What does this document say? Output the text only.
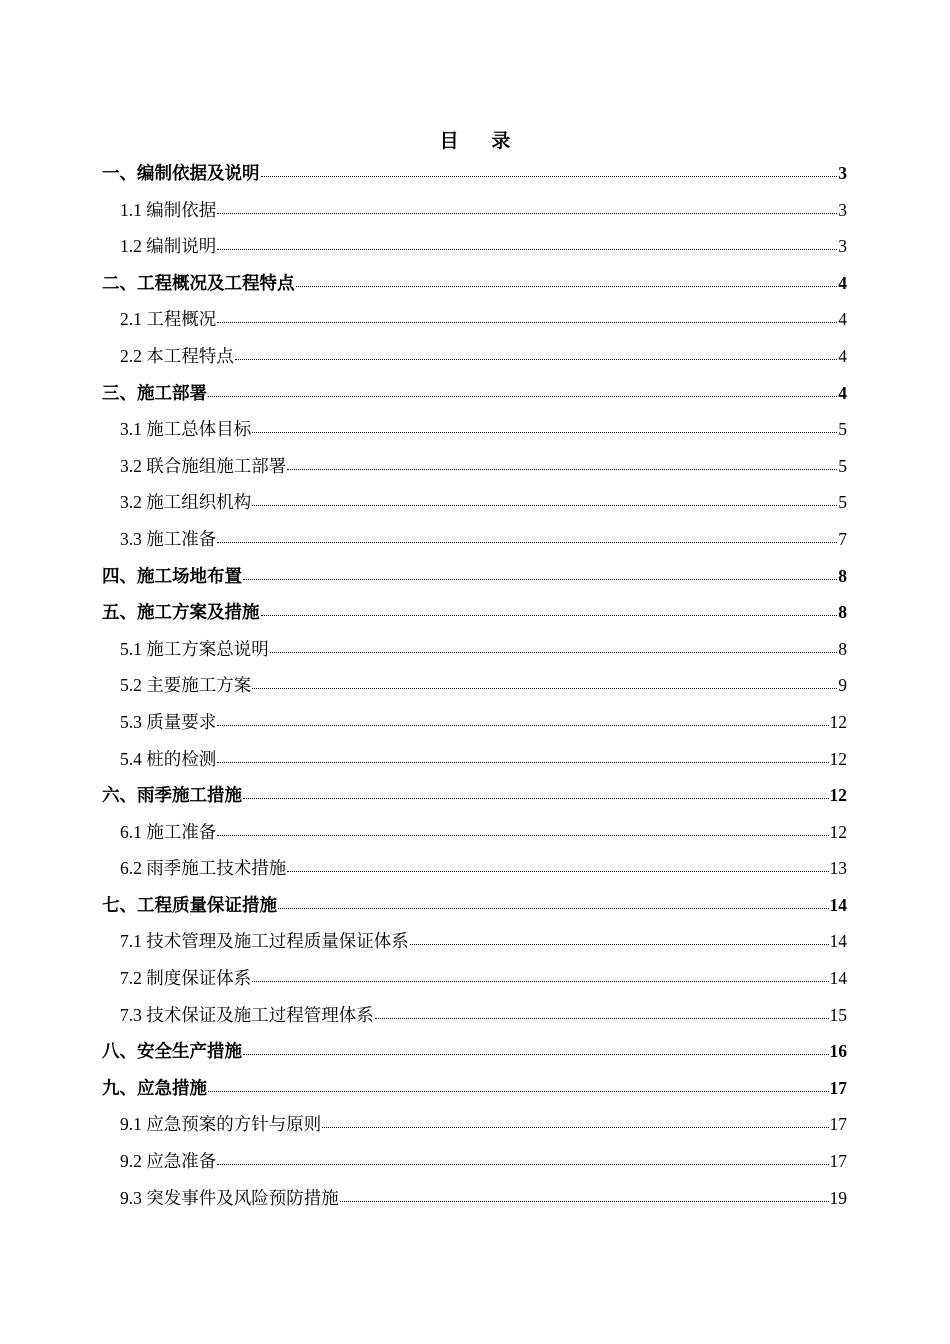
目 录
一、编制依据及说明	3
1.1 编制依据	3
1.2 编制说明	3
二、工程概况及工程特点	4
2.1 工程概况	4
2.2 本工程特点	4
三、施工部署	4
3.1 施工总体目标	5
3.2 联合施组施工部署	5
3.2 施工组织机构	5
3.3 施工准备	7
四、施工场地布置	8
五、施工方案及措施	8
5.1 施工方案总说明	8
5.2 主要施工方案	9
5.3 质量要求	12
5.4 桩的检测	12
六、雨季施工措施	12
6.1 施工准备	12
6.2 雨季施工技术措施	13
七、工程质量保证措施	14
7.1 技术管理及施工过程质量保证体系	14
7.2 制度保证体系	14
7.3 技术保证及施工过程管理体系	15
八、安全生产措施	16
九、应急措施	17
9.1 应急预案的方针与原则	17
9.2 应急准备	17
9.3 突发事件及风险预防措施	19
